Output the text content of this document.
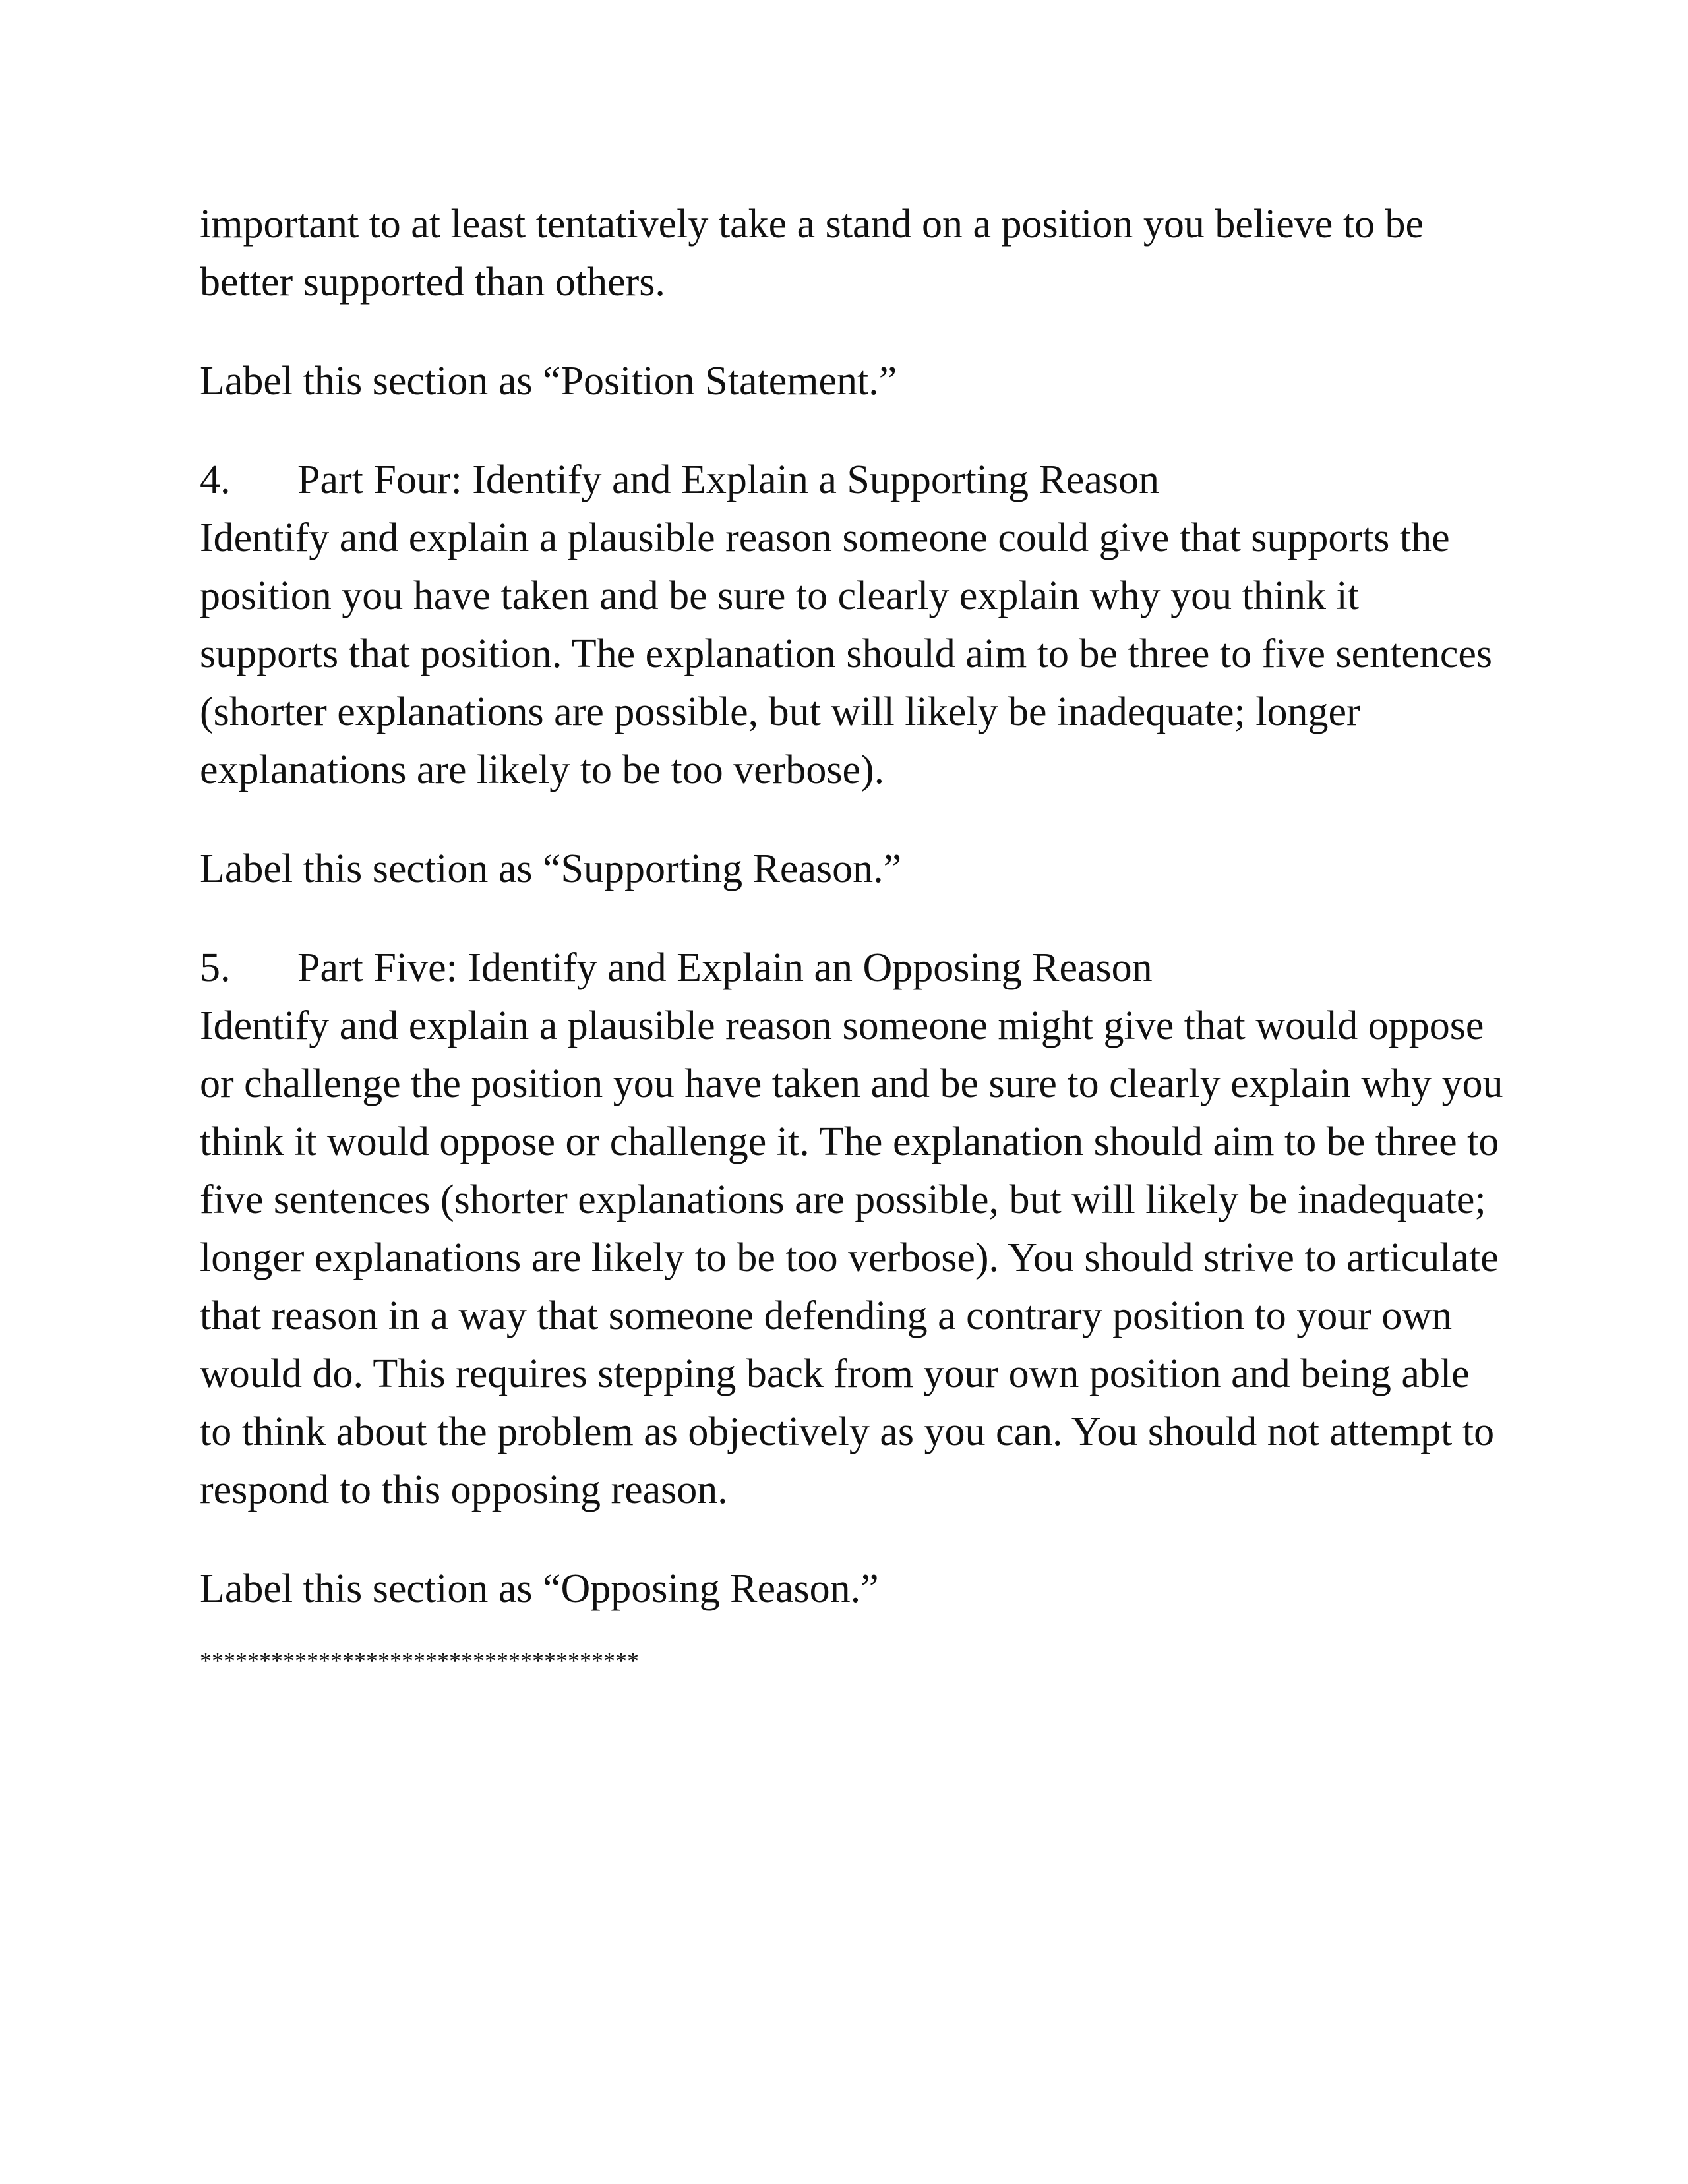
important to at least tentatively take a stand on a position you believe to be better supported than others.

Label this section as “Position Statement.”

4.	Part Four: Identify and Explain a Supporting Reason

Identify and explain a plausible reason someone could give that supports the position you have taken and be sure to clearly explain why you think it supports that position. The explanation should aim to be three to five sentences (shorter explanations are possible, but will likely be inadequate; longer explanations are likely to be too verbose).

Label this section as “Supporting Reason.”

5.	Part Five: Identify and Explain an Opposing Reason

Identify and explain a plausible reason someone might give that would oppose or challenge the position you have taken and be sure to clearly explain why you think it would oppose or challenge it. The explanation should aim to be three to five sentences (shorter explanations are possible, but will likely be inadequate; longer explanations are likely to be too verbose). You should strive to articulate that reason in a way that someone defending a contrary position to your own would do. This requires stepping back from your own position and being able to think about the problem as objectively as you can. You should not attempt to respond to this opposing reason.

Label this section as “Opposing Reason.”

*************************************
